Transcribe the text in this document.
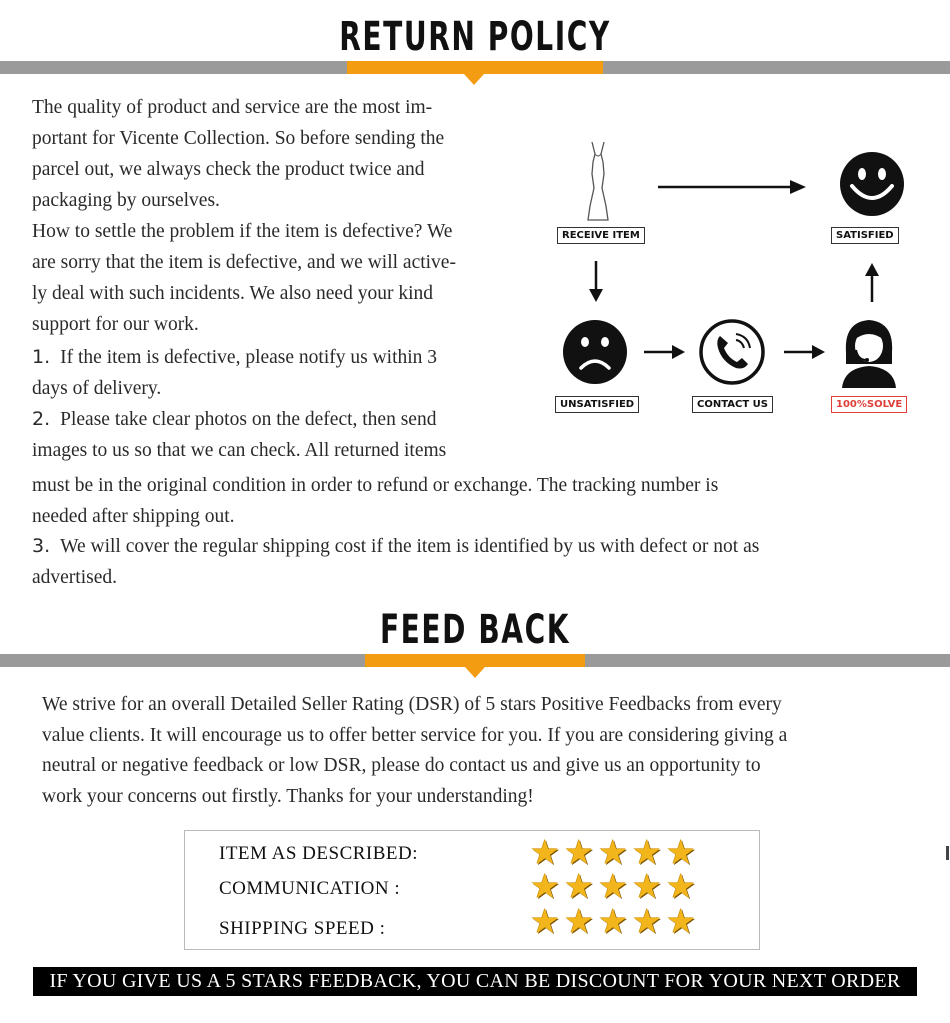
RETURN POLICY
The quality of product and service are the most im-
portant for Vicente Collection. So before sending the
parcel out, we always check the product twice and
packaging by ourselves.
How to settle the problem if the item is defective? We
are sorry that the item is defective, and we will active-
ly deal with such incidents. We also need your kind
support for our work.
1. If the item is defective, please notify us within 3
days of delivery.
2. Please take clear photos on the defect, then send
images to us so that we can check. All returned items
must be in the original condition in order to refund or exchange. The tracking number is
needed after shipping out.
3. We will cover the regular shipping cost if the item is identified by us with defect or not as
advertised.
RECEIVE ITEM	SATISFIED
UNSATISFIED	CONTACT US	100%SOLVE
FEED BACK
We strive for an overall Detailed Seller Rating (DSR) of 5 stars Positive Feedbacks from every
value clients. It will encourage us to offer better service for you. If you are considering giving a
neutral or negative feedback or low DSR, please do contact us and give us an opportunity to
work your concerns out firstly. Thanks for your understanding!
ITEM AS DESCRIBED:	★ ★ ★ ★ ★
COMMUNICATION :	★ ★ ★ ★ ★
SHIPPING SPEED :	★ ★ ★ ★ ★
IF YOU GIVE US A 5 STARS FEEDBACK, YOU CAN BE DISCOUNT FOR YOUR NEXT ORDER
